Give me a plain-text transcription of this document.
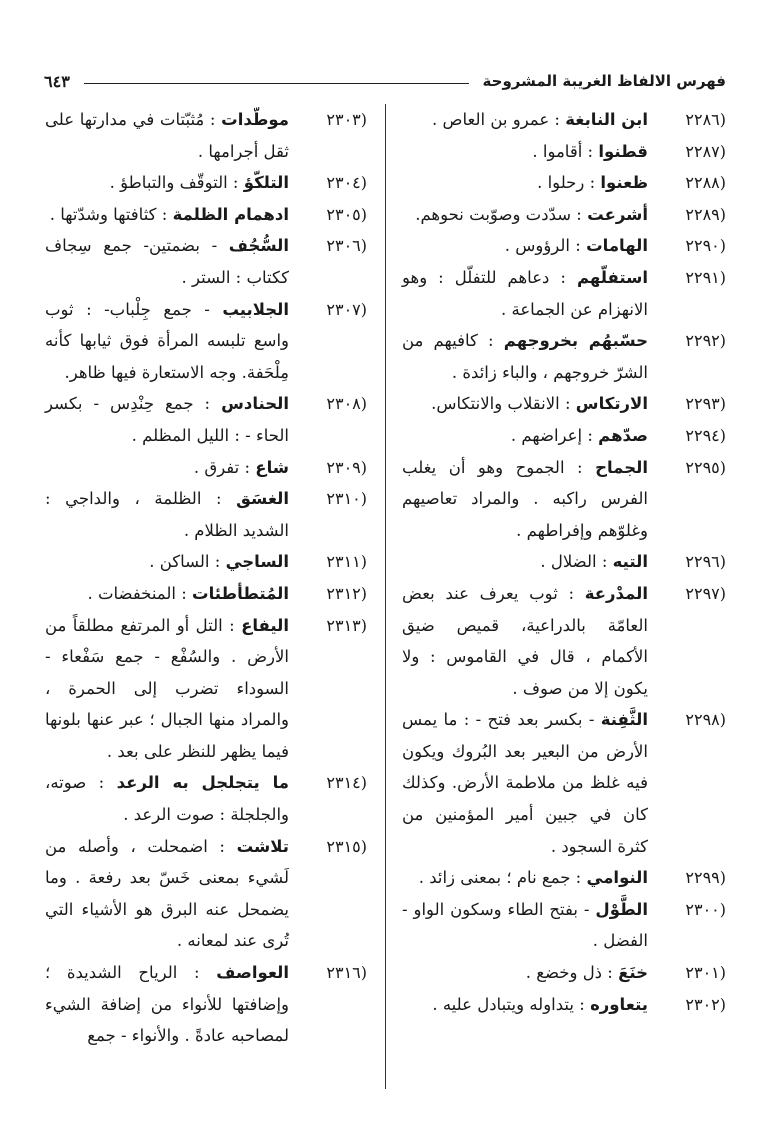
فهرس الالفاظ الغريبة المشروحة
٦٤٣
(٢٢٨٦
ابن النابغة : عمرو بن العاص .
(٢٢٨٧
قطنوا : أقاموا .
(٢٢٨٨
ظعنوا : رحلوا .
(٢٢٨٩
أشرعت : سدّدت وصوّبت نحوهم.
(٢٢٩٠
الهامات : الرؤوس .
(٢٢٩١
استفلّهم : دعاهم للتفلّل : وهو الانهزام عن الجماعة .
(٢٢٩٢
حسّبهُم بخروجهم : كافيهم من الشرّ خروجهم ، والباء زائدة .
(٢٢٩٣
الارتكاس : الانقلاب والانتكاس.
(٢٢٩٤
صدّهم : إعراضهم .
(٢٢٩٥
الجماح : الجموح وهو أن يغلب الفرس راكبه . والمراد تعاصيهم وغلوّهم وإفراطهم .
(٢٢٩٦
التيه : الضلال .
(٢٢٩٧
المدْرعة : ثوب يعرف عند بعض العامّة بالدراعية، قميص ضيق الأكمام ، قال في القاموس : ولا يكون إلا من صوف .
(٢٢٩٨
الثَّفِنة - بكسر بعد فتح - : ما يمس الأرض من البعير بعد البُروك ويكون فيه غلظ من ملاطمة الأرض. وكذلك كان في جبين أمير المؤمنين من كثرة السجود .
(٢٢٩٩
النوامي : جمع نام ؛ بمعنى زائد .
(٢٣٠٠
الطَّوْل - بفتح الطاء وسكون الواو - الفضل .
(٢٣٠١
خنَعَ : ذل وخضع .
(٢٣٠٢
يتعاوره : يتداوله ويتبادل عليه .
(٢٣٠٣
موطّدات : مُثبّتات في مدارتها على ثقل أجرامها .
(٢٣٠٤
التلكّؤ : التوقّف والتباطؤ .
(٢٣٠٥
ادهمام الظلمة : كثافتها وشدّتها .
(٢٣٠٦
السُّجُف - بضمتين- جمع سِجاف ككتاب : الستر .
(٢٣٠٧
الجلابيب - جمع جِلْباب- : ثوب واسع تلبسه المرأة فوق ثيابها كأنه مِلْحَفة. وجه الاستعارة فيها ظاهر.
(٢٣٠٨
الحنادس : جمع حِنْدِس - بكسر الحاء - : الليل المظلم .
(٢٣٠٩
شاع : تفرق .
(٢٣١٠
الغسَق : الظلمة ، والداجي : الشديد الظلام .
(٢٣١١
الساجي : الساكن .
(٢٣١٢
المُتطأطئات : المنخفضات .
(٢٣١٣
اليفاع : التل أو المرتفع مطلقاً من الأرض . والسُفْع - جمع سَفْعاء - السوداء تضرب إلى الحمرة ، والمراد منها الجبال ؛ عبر عنها بلونها فيما يظهر للنظر على بعد .
(٢٣١٤
ما يتجلجل به الرعد : صوته، والجلجلة : صوت الرعد .
(٢٣١٥
تلاشت : اضمحلت ، وأصله من لَشيء بمعنى خَسّ بعد رفعة . وما يضمحل عنه البرق هو الأشياء التي تُرى عند لمعانه .
(٢٣١٦
العواصف : الرياح الشديدة ؛ وإضافتها للأنواء من إضافة الشيء لمصاحبه عادةً . والأنواء - جمع
